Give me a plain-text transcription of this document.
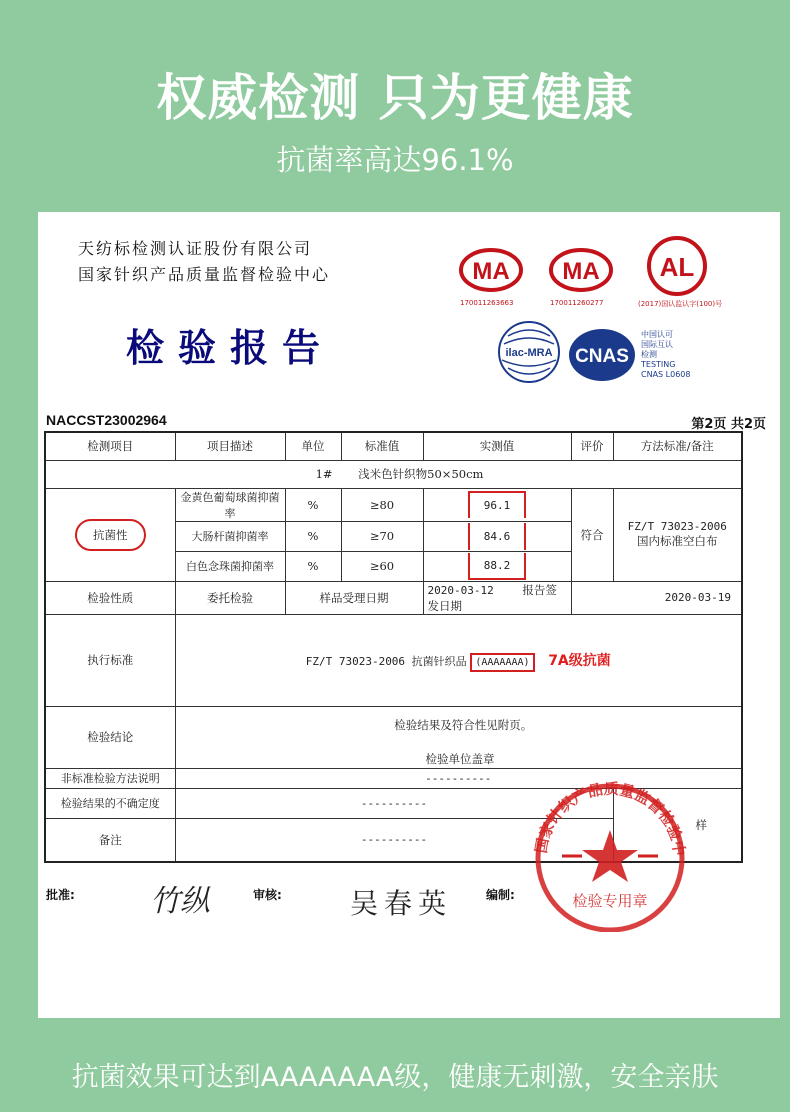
权威检测 只为更健康
抗菌率高达96.1%
天纺标检测认证股份有限公司
国家针织产品质量监督检验中心
检验报告
MA
170011263663
MA
170011260277
AL
(2017)国认监认字(100)号
ilac-MRA CNAS
中国认可
国际互认
检测
TESTING
CNAS L0608
NACCST23002964	第2页 共2页
检测项目	项目描述	单位	标准值	实测值	评价	方法标准/备注
1# 浅米色针织物50×50cm						
抗菌性	金黄色葡萄球菌抑菌率	%	≥80	96.1	符合	FZ/T 73023-2006
国内标准空白布

	大肠杆菌抑菌率	%	≥70	84.6		
	白色念珠菌抑菌率	%	≥60	88.2		
检验性质	委托检验	样品受理日期		2020-03-12 报告签发日期	2020-03-19	
执行标准	FZ/T 73023-2006 抗菌针织品 (AAAAAAA) 7A级抗菌					
检验结论	检验结果及符合性见附页。
检验单位盖章					

非标准检验方法说明	----------					
检验结果的不确定度	----------					样
备注	----------					
批准:	审核:	编制:
竹纵	吴春英
国家针织产品质量监督检验中
检验专用章
抗菌效果可达到AAAAAAA级，健康无刺激，安全亲肤
